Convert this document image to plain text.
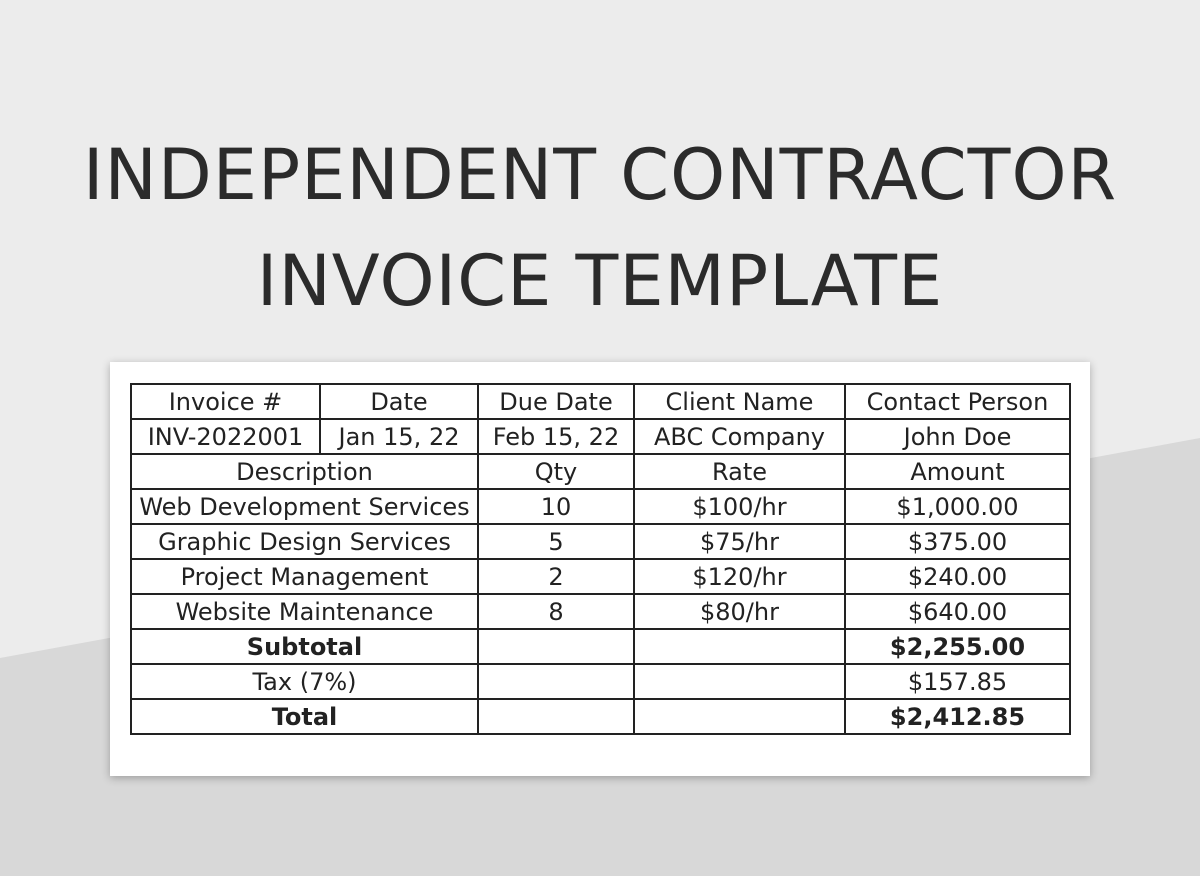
INDEPENDENT CONTRACTOR
INVOICE TEMPLATE
Invoice #	Date	Due Date	Client Name	Contact Person
INV-2022001	Jan 15, 22	Feb 15, 22	ABC Company	John Doe
Description		Qty	Rate	Amount
Web Development Services		10	$100/hr	$1,000.00
Graphic Design Services		5	$75/hr	$375.00
Project Management		2	$120/hr	$240.00
Website Maintenance		8	$80/hr	$640.00
Subtotal				$2,255.00
Tax (7%)				$157.85
Total				$2,412.85
